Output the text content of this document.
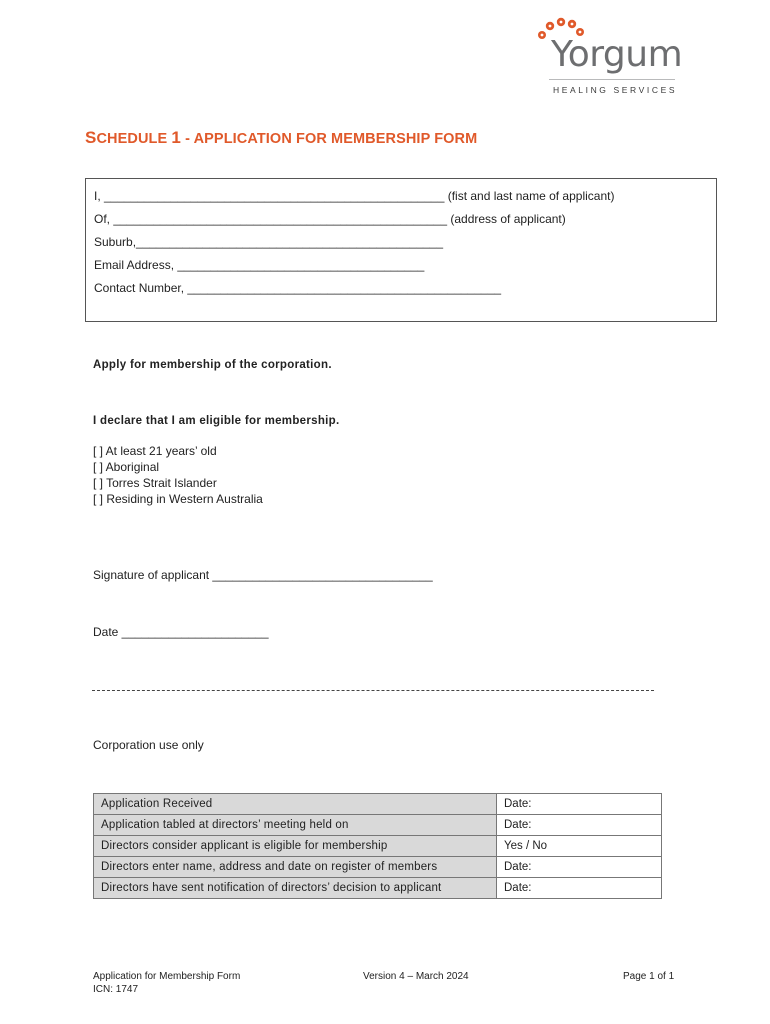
Yorgum
HEALING SERVICES
SCHEDULE 1 - APPLICATION FOR MEMBERSHIP FORM
I, ___________________________________________________ (fist and last name of applicant)
Of, __________________________________________________ (address of applicant)
Suburb,______________________________________________
Email Address, _____________________________________
Contact Number, _______________________________________________
Apply for membership of the corporation.
I declare that I am eligible for membership.
[ ] At least 21 years’ old
[ ] Aboriginal
[ ] Torres Strait Islander
[ ] Residing in Western Australia
Signature of applicant _________________________________
Date ______________________
Corporation use only
Application Received	Date:
Application tabled at directors’ meeting held on	Date:
Directors consider applicant is eligible for membership	Yes / No
Directors enter name, address and date on register of members	Date:
Directors have sent notification of directors’ decision to applicant	Date:
Application for Membership Form
ICN: 1747
Version 4 – March 2024	Page 1 of 1
